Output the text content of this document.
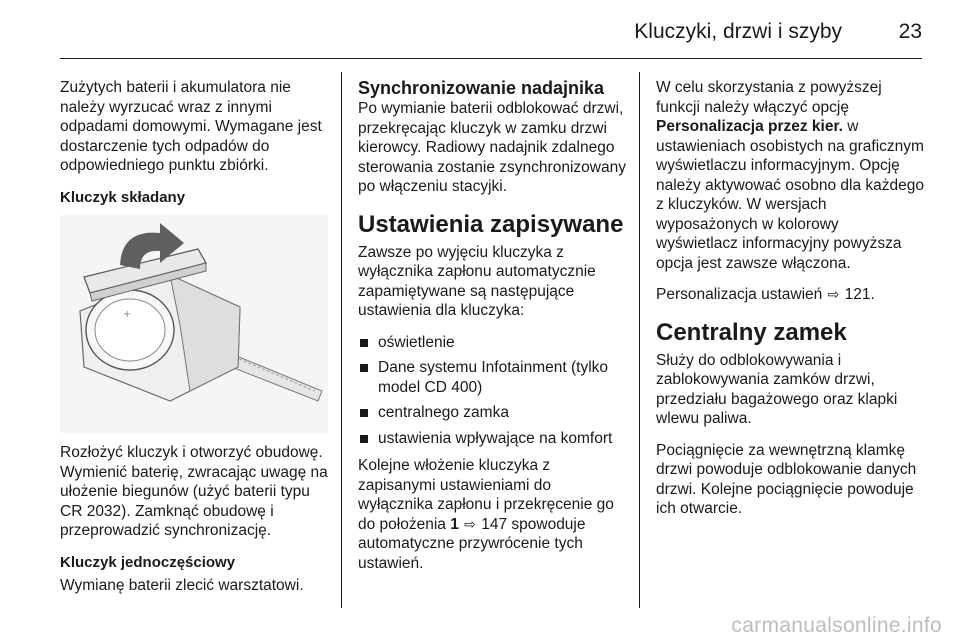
Kluczyki, drzwi i szyby	23

Zużytych baterii i akumulatora nie należy wyrzucać wraz z innymi odpadami domowymi. Wymagane jest dostarczenie tych odpadów do odpowiedniego punktu zbiórki.

Kluczyk składany
+

Rozłożyć kluczyk i otworzyć obudowę. Wymienić baterię, zwracając uwagę na ułożenie biegunów (użyć baterii typu CR 2032). Zamknąć obudowę i przeprowadzić synchronizację.

Kluczyk jednoczęściowy

Wymianę baterii zlecić warsztatowi.

Synchronizowanie nadajnika

Po wymianie baterii odblokować drzwi, przekręcając kluczyk w zamku drzwi kierowcy. Radiowy nadajnik zdalnego sterowania zostanie zsynchronizowany po włączeniu stacyjki.

Ustawienia zapisywane

Zawsze po wyjęciu kluczyka z wyłącznika zapłonu automatycznie zapamiętywane są następujące ustawienia dla kluczyka:

oświetlenie
Dane systemu Infotainment (tylko model CD 400)
centralnego zamka
ustawienia wpływające na komfort

Kolejne włożenie kluczyka z zapisanymi ustawieniami do wyłącznika zapłonu i przekręcenie go do położenia 1 ⇨ 147 spowoduje automatyczne przywrócenie tych ustawień.

W celu skorzystania z powyższej funkcji należy włączyć opcję Personalizacja przez kier. w ustawieniach osobistych na graficznym wyświetlaczu informacyjnym. Opcję należy aktywować osobno dla każdego z kluczyków. W wersjach wyposażonych w kolorowy wyświetlacz informacyjny powyższa opcja jest zawsze włączona.

Personalizacja ustawień ⇨ 121.

Centralny zamek

Służy do odblokowywania i zablokowywania zamków drzwi, przedziału bagażowego oraz klapki wlewu paliwa.

Pociągnięcie za wewnętrzną klamkę drzwi powoduje odblokowanie danych drzwi. Kolejne pociągnięcie powoduje ich otwarcie.

carmanualsonline.info
